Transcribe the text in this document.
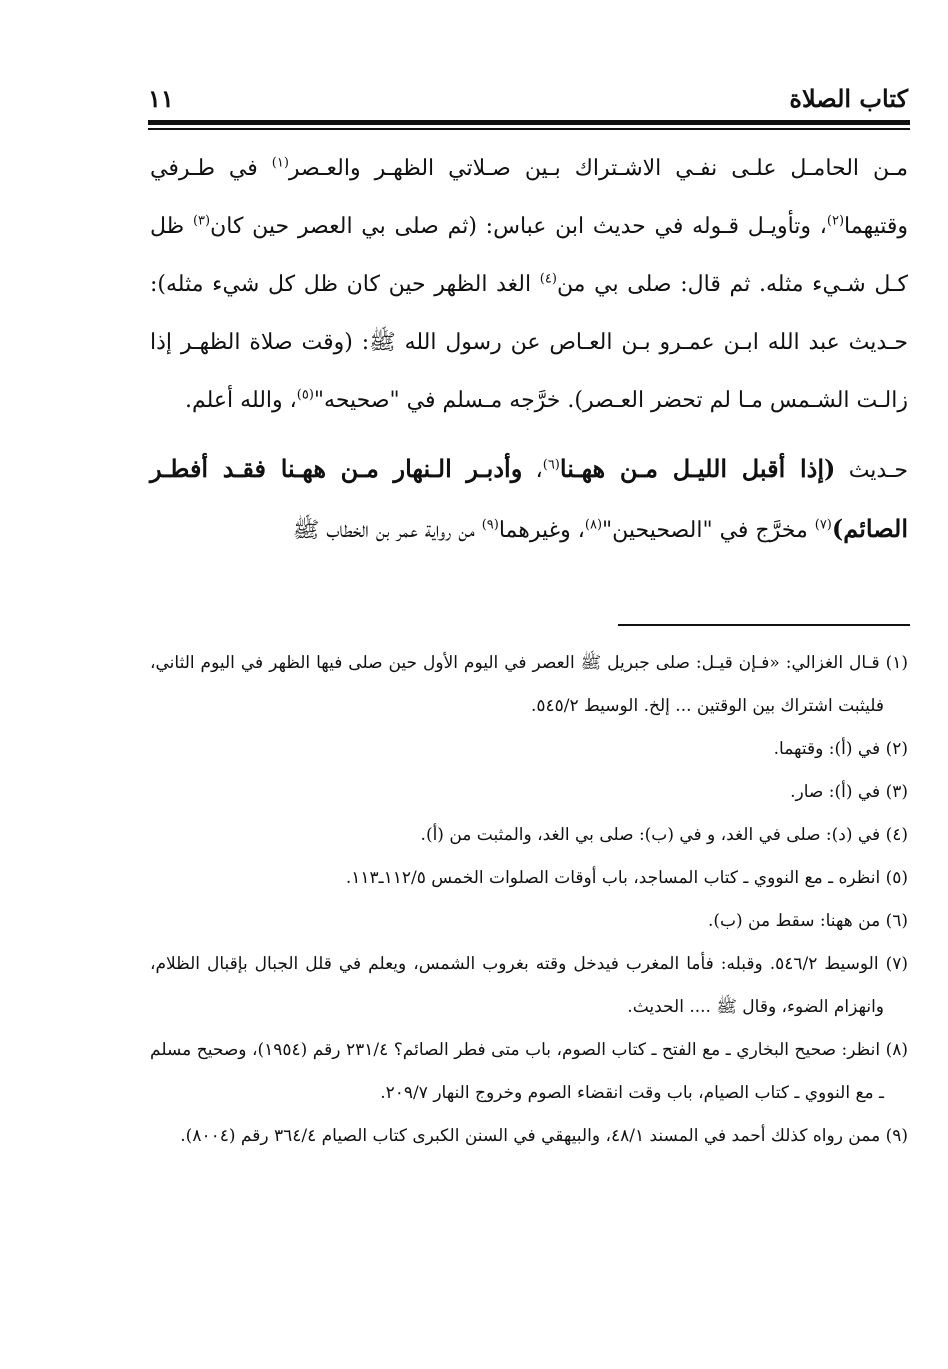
كتاب الصلاة
١١

مـن الحامـل علـى نفـي الاشـتراك بـين صـلاتي الظهـر والعـصر$^{(١)}$ في طـرفي وقتيهما$^{(٢)}$، وتأويـل قـوله في حديث ابن عباس: (ثم صلى بي العصر حين كان$^{(٣)}$ ظل كـل شـيء مثله. ثم قال: صلى بي من$^{(٤)}$ الغد الظهر حين كان ظل كل شيء مثله): حـديث عبد الله ابـن عمـرو بـن العـاص عن رسول الله ﷺ: (وقت صلاة الظهـر إذا زالـت الشـمس مـا لم تحضر العـصر). خرَّجه مـسلم في "صحيحه"$^{(٥)}$، والله أعلم.

حـديث (إذا أقبل الليـل مـن ههـنا$^{(٦)}$، وأدبـر الـنهار مـن ههـنا فقـد أفطـر الصائم)$^{(٧)}$ مخرَّج في "الصحيحين"$^{(٨)}$، وغيرهما$^{(٩)}$ من رواية عمر بن الخطاب ﷺ

(١) قـال الغزالي: «فـإن قيـل: صلى جبريل ﷺ العصر في اليوم الأول حين صلى فيها الظهر في اليوم الثاني، فليثبت اشتراك بين الوقتين ... إلخ. الوسيط ٥٤٥/٢.

(٢) في (أ): وقتهما.

(٣) في (أ): صار.

(٤) في (د): صلى في الغد، و في (ب): صلى بي الغد، والمثبت من (أ).

(٥) انظره ـ مع النووي ـ كتاب المساجد، باب أوقات الصلوات الخمس ١١٢/٥ـ١١٣.

(٦) من ههنا: سقط من (ب).

(٧) الوسيط ٥٤٦/٢. وقبله: فأما المغرب فيدخل وقته بغروب الشمس، ويعلم في قلل الجبال بإقبال الظلام، وانهزام الضوء، وقال ﷺ .... الحديث.

(٨) انظر: صحيح البخاري ـ مع الفتح ـ كتاب الصوم، باب متى فطر الصائم؟ ٢٣١/٤ رقم (١٩٥٤)، وصحيح مسلم ـ مع النووي ـ كتاب الصيام، باب وقت انقضاء الصوم وخروج النهار ٢٠٩/٧.

(٩) ممن رواه كذلك أحمد في المسند ٤٨/١، والبيهقي في السنن الكبرى كتاب الصيام ٣٦٤/٤ رقم (٨٠٠٤).
